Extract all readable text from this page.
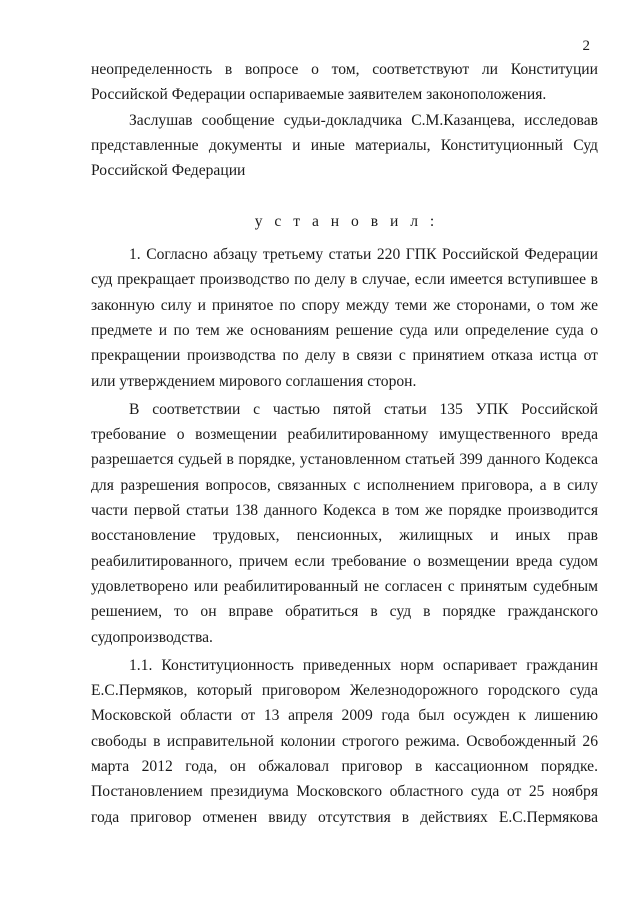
2
неопределенность в вопросе о том, соответствуют ли Конституции
Российской Федерации оспариваемые заявителем законоположения.
Заслушав сообщение судьи-докладчика С.М.Казанцева, исследовав
представленные документы и иные материалы, Конституционный Суд
Российской Федерации
у с т а н о в и л :
1. Согласно абзацу третьему статьи 220 ГПК Российской Федерации
суд прекращает производство по делу в случае, если имеется вступившее в
законную силу и принятое по спору между теми же сторонами, о том же
предмете и по тем же основаниям решение суда или определение суда о
прекращении производства по делу в связи с принятием отказа истца от
или утверждением мирового соглашения сторон.
В соответствии с частью пятой статьи 135 УПК Российской
требование о возмещении реабилитированному имущественного вреда
разрешается судьей в порядке, установленном статьей 399 данного Кодекса
для разрешения вопросов, связанных с исполнением приговора, а в силу
части первой статьи 138 данного Кодекса в том же порядке производится
восстановление трудовых, пенсионных, жилищных и иных прав
реабилитированного, причем если требование о возмещении вреда судом
удовлетворено или реабилитированный не согласен с принятым судебным
решением, то он вправе обратиться в суд в порядке гражданского
судопроизводства.
1.1. Конституционность приведенных норм оспаривает гражданин
Е.С.Пермяков, который приговором Железнодорожного городского суда
Московской области от 13 апреля 2009 года был осужден к лишению
свободы в исправительной колонии строгого режима. Освобожденный 26
марта 2012 года, он обжаловал приговор в кассационном порядке.
Постановлением президиума Московского областного суда от 25 ноября
года приговор отменен ввиду отсутствия в действиях Е.С.Пермякова
